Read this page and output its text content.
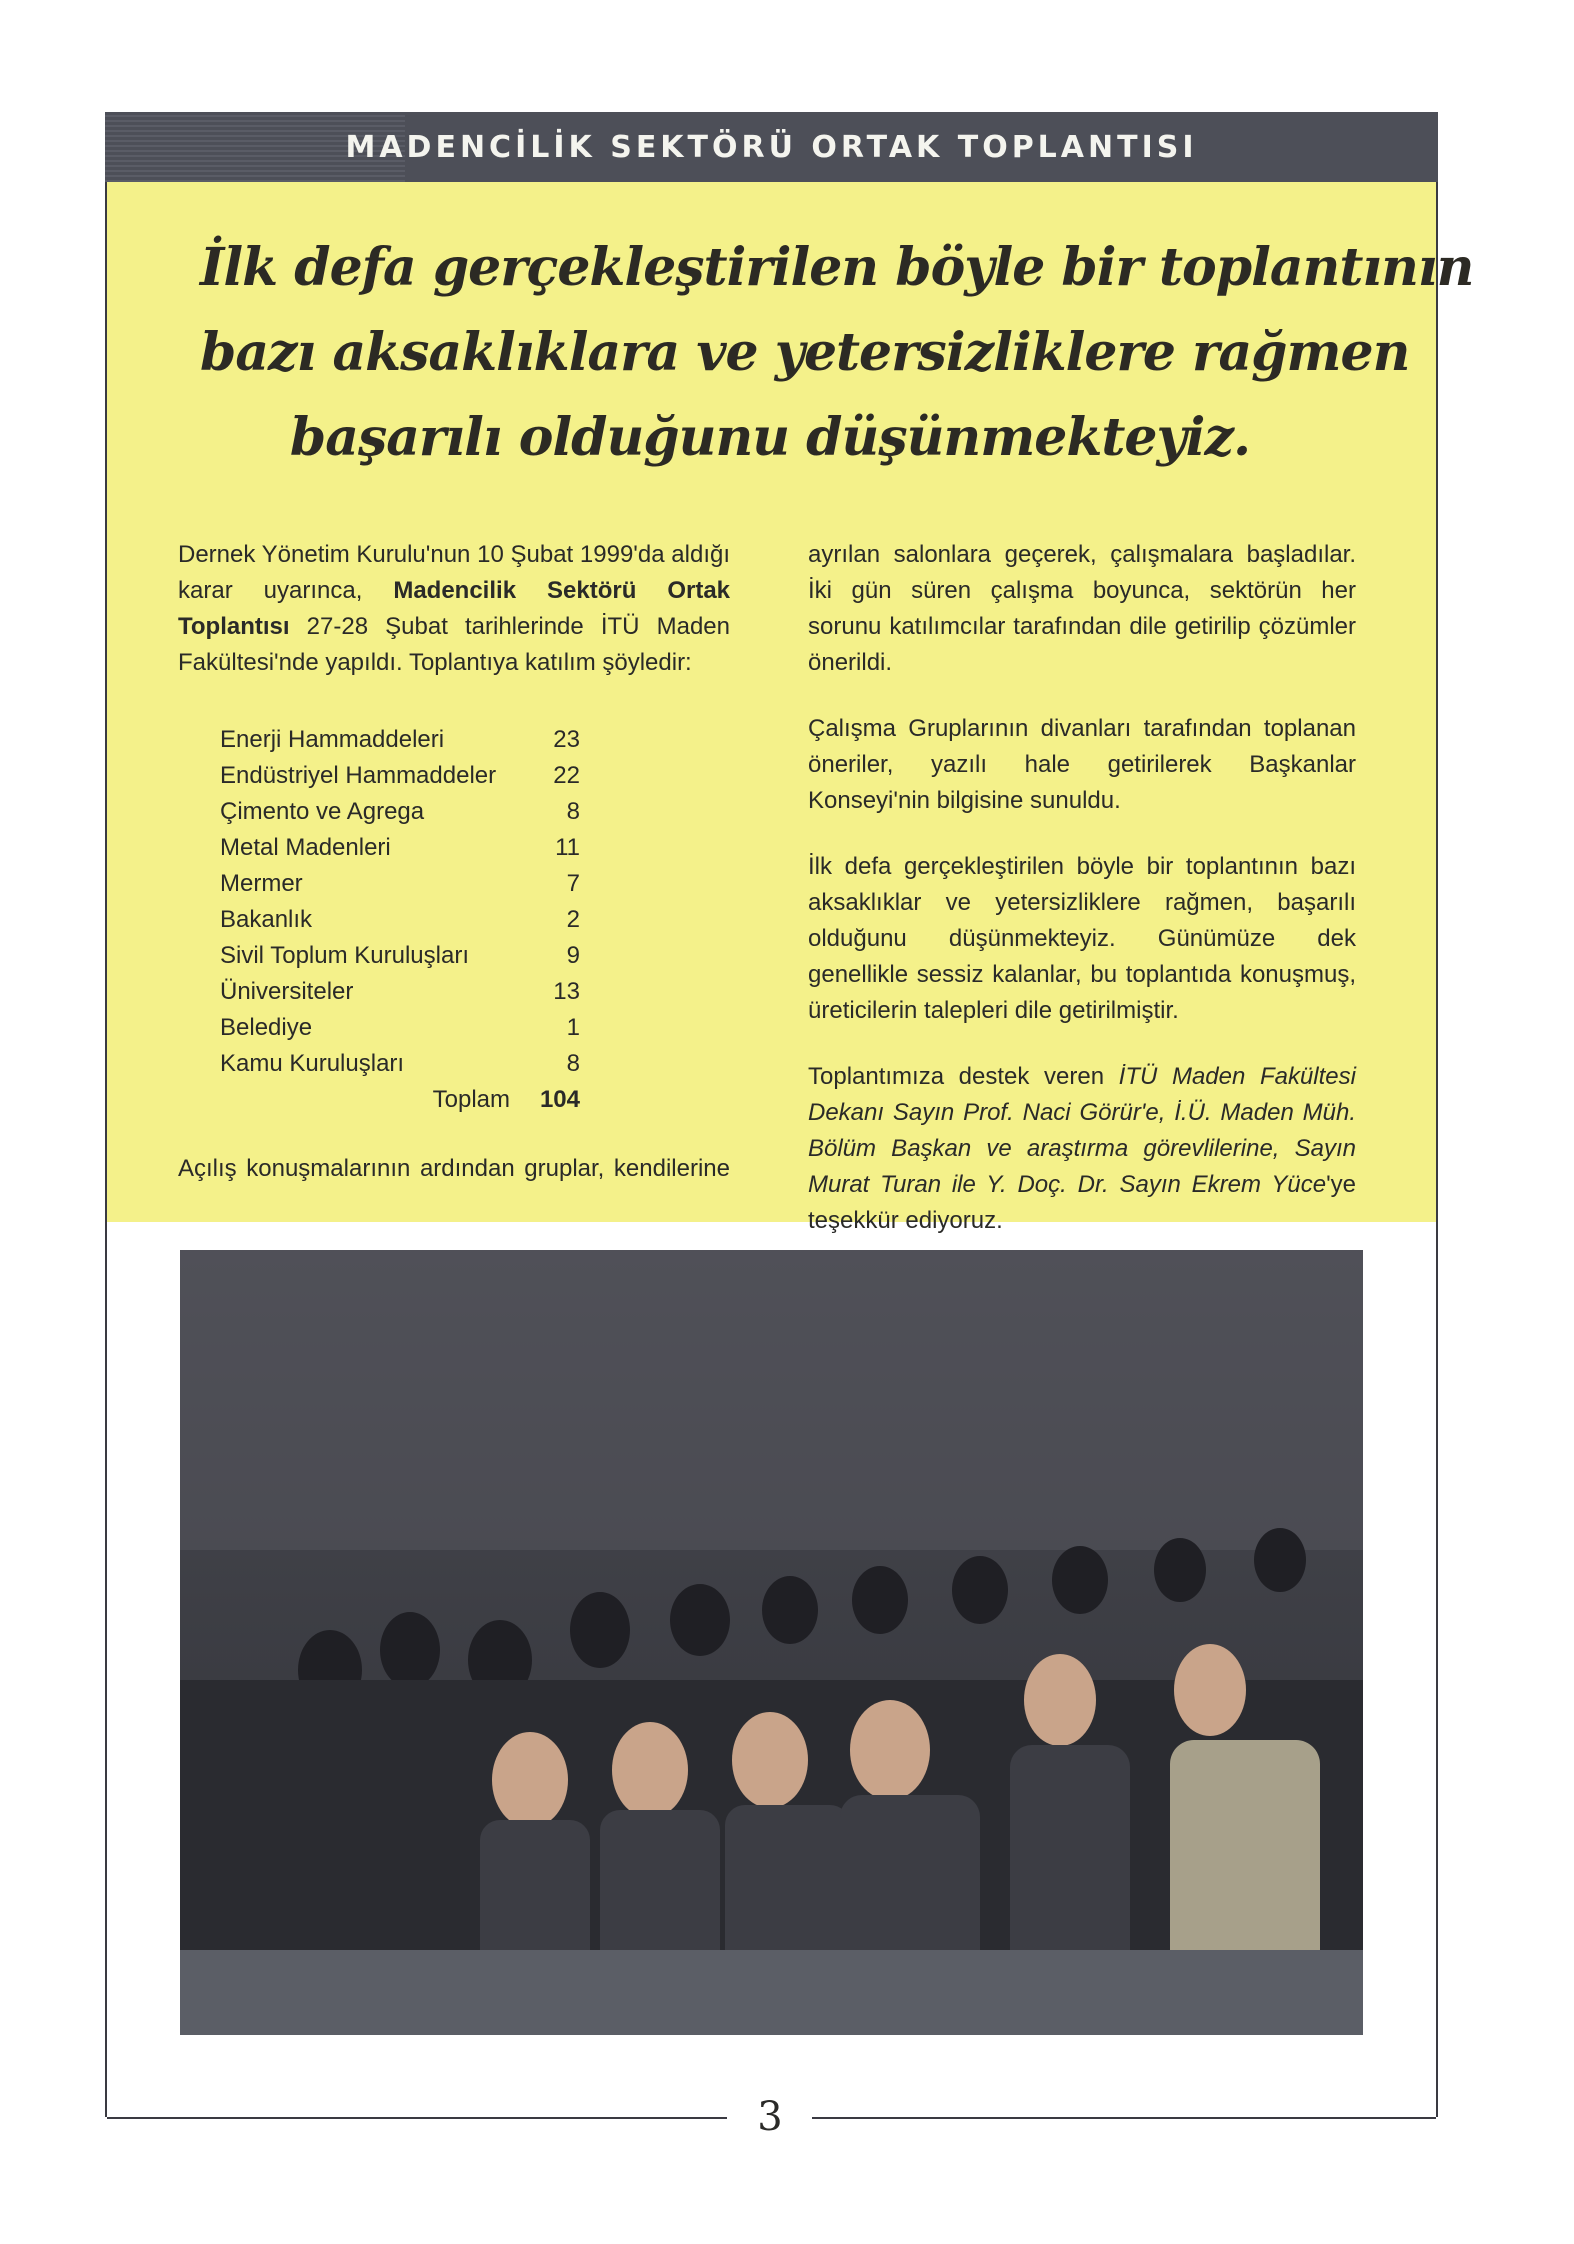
MADENCİLİK SEKTÖRÜ ORTAK TOPLANTISI
İlk defa gerçekleştirilen böyle bir toplantının
bazı aksaklıklara ve yetersizliklere rağmen
başarılı olduğunu düşünmekteyiz.

Dernek Yönetim Kurulu'nun 10 Şubat 1999'da aldığı karar uyarınca, Madencilik Sektörü Ortak Toplantısı 27-28 Şubat tarihlerinde İTÜ Maden Fakültesi'nde yapıldı. Toplantıya katılım şöyledir:

Enerji Hammaddeleri	23
Endüstriyel Hammaddeler	22
Çimento ve Agrega	8
Metal Madenleri	11
Mermer	7
Bakanlık	2
Sivil Toplum Kuruluşları	9
Üniversiteler	13
Belediye	1
Kamu Kuruluşları	8
Toplam	104
Açılış konuşmalarının ardından gruplar, kendilerine

ayrılan salonlara geçerek, çalışmalara başladılar. İki gün süren çalışma boyunca, sektörün her sorunu katılımcılar tarafından dile getirilip çözümler önerildi.

Çalışma Gruplarının divanları tarafından toplanan öneriler, yazılı hale getirilerek Başkanlar Konseyi'nin bilgisine sunuldu.

İlk defa gerçekleştirilen böyle bir toplantının bazı aksaklıklar ve yetersizliklere rağmen, başarılı olduğunu düşünmekteyiz. Günümüze dek genellikle sessiz kalanlar, bu toplantıda konuşmuş, üreticilerin talepleri dile getirilmiştir.

Toplantımıza destek veren İTÜ Maden Fakültesi Dekanı Sayın Prof. Naci Görür'e, İ.Ü. Maden Müh. Bölüm Başkan ve araştırma görevlilerine, Sayın Murat Turan ile Y. Doç. Dr. Sayın Ekrem Yüce'ye teşekkür ediyoruz.

3
